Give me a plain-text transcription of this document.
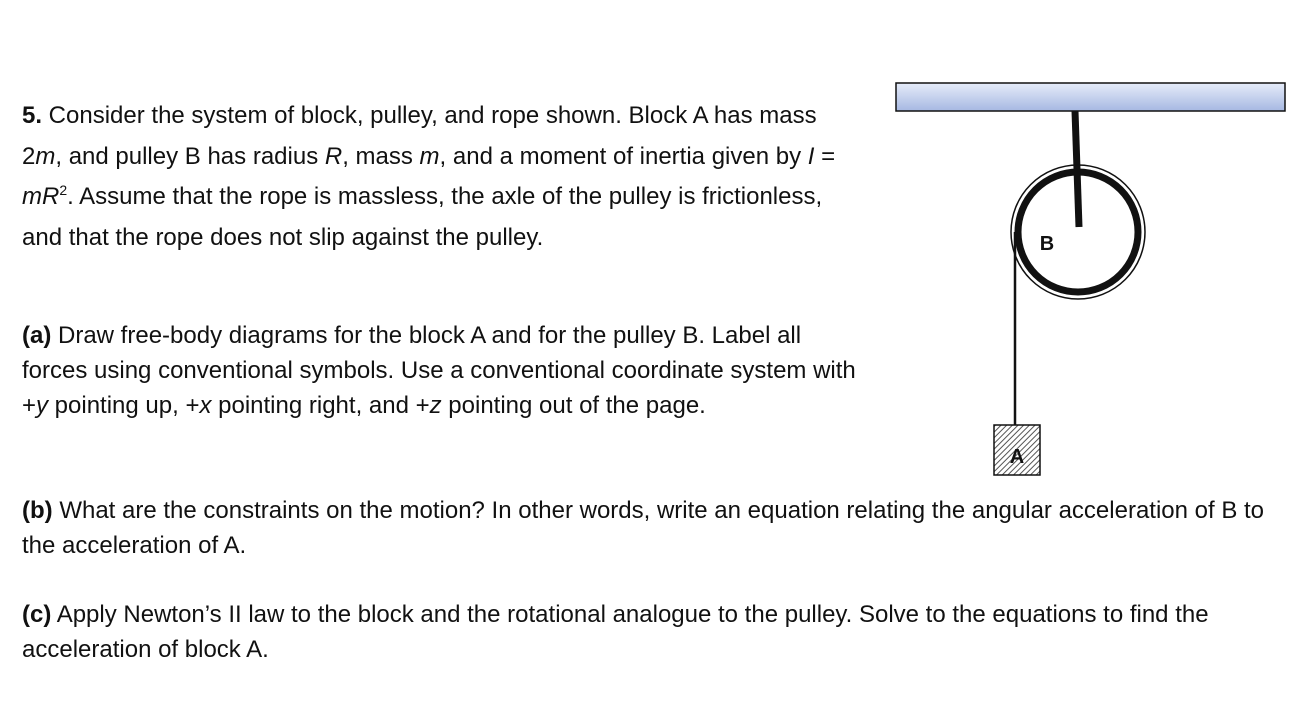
5. Consider the system of block, pulley, and rope shown. Block A has mass 2m, and pulley B has radius R, mass m, and a moment of inertia given by $I = mR^2$. Assume that the rope is massless, the axle of the pulley is frictionless, and that the rope does not slip against the pulley.

(a) Draw free-body diagrams for the block A and for the pulley B. Label all forces using conventional symbols. Use a conventional coordinate system with +y pointing up, +x pointing right, and +z pointing out of the page.

(b) What are the constraints on the motion? In other words, write an equation relating the angular acceleration of B to the acceleration of A.

(c) Apply Newton’s II law to the block and the rotational analogue to the pulley. Solve to the equations to find the acceleration of block A.

B
A
